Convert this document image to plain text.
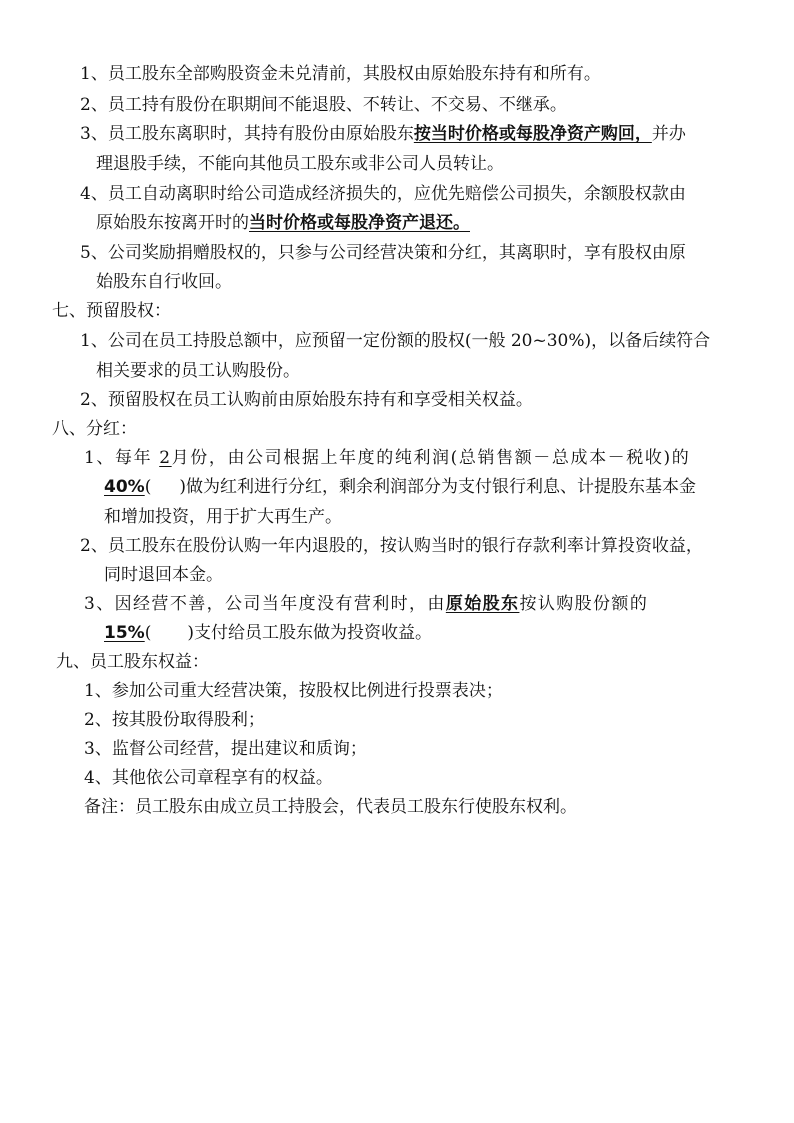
1、员工股东全部购股资金未兑清前，其股权由原始股东持有和所有。
2、员工持有股份在职期间不能退股、不转让、不交易、不继承。
3、员工股东离职时，其持有股份由原始股东按当时价格或每股净资产购回，并办
理退股手续，不能向其他员工股东或非公司人员转让。
4、员工自动离职时给公司造成经济损失的，应优先赔偿公司损失，余额股权款由
原始股东按离开时的当时价格或每股净资产退还。
5、公司奖励捐赠股权的，只参与公司经营决策和分红，其离职时，享有股权由原
始股东自行收回。
七、预留股权：
1、公司在员工持股总额中，应预留一定份额的股权(一般 20~30%)，以备后续符合
相关要求的员工认购股份。
2、预留股权在员工认购前由原始股东持有和享受相关权益。
八、分红：
1、每年 2月份，由公司根据上年度的纯利润(总销售额－总成本－税收)的
40%( )做为红利进行分红，剩余利润部分为支付银行利息、计提股东基本金
和增加投资，用于扩大再生产。
2、员工股东在股份认购一年内退股的，按认购当时的银行存款利率计算投资收益，
同时退回本金。
3、因经营不善，公司当年度没有营利时，由原始股东按认购股份额的
15%( )支付给员工股东做为投资收益。
九、员工股东权益：
1、参加公司重大经营决策，按股权比例进行投票表决；
2、按其股份取得股利；
3、监督公司经营，提出建议和质询；
4、其他依公司章程享有的权益。
备注：员工股东由成立员工持股会，代表员工股东行使股东权利。
